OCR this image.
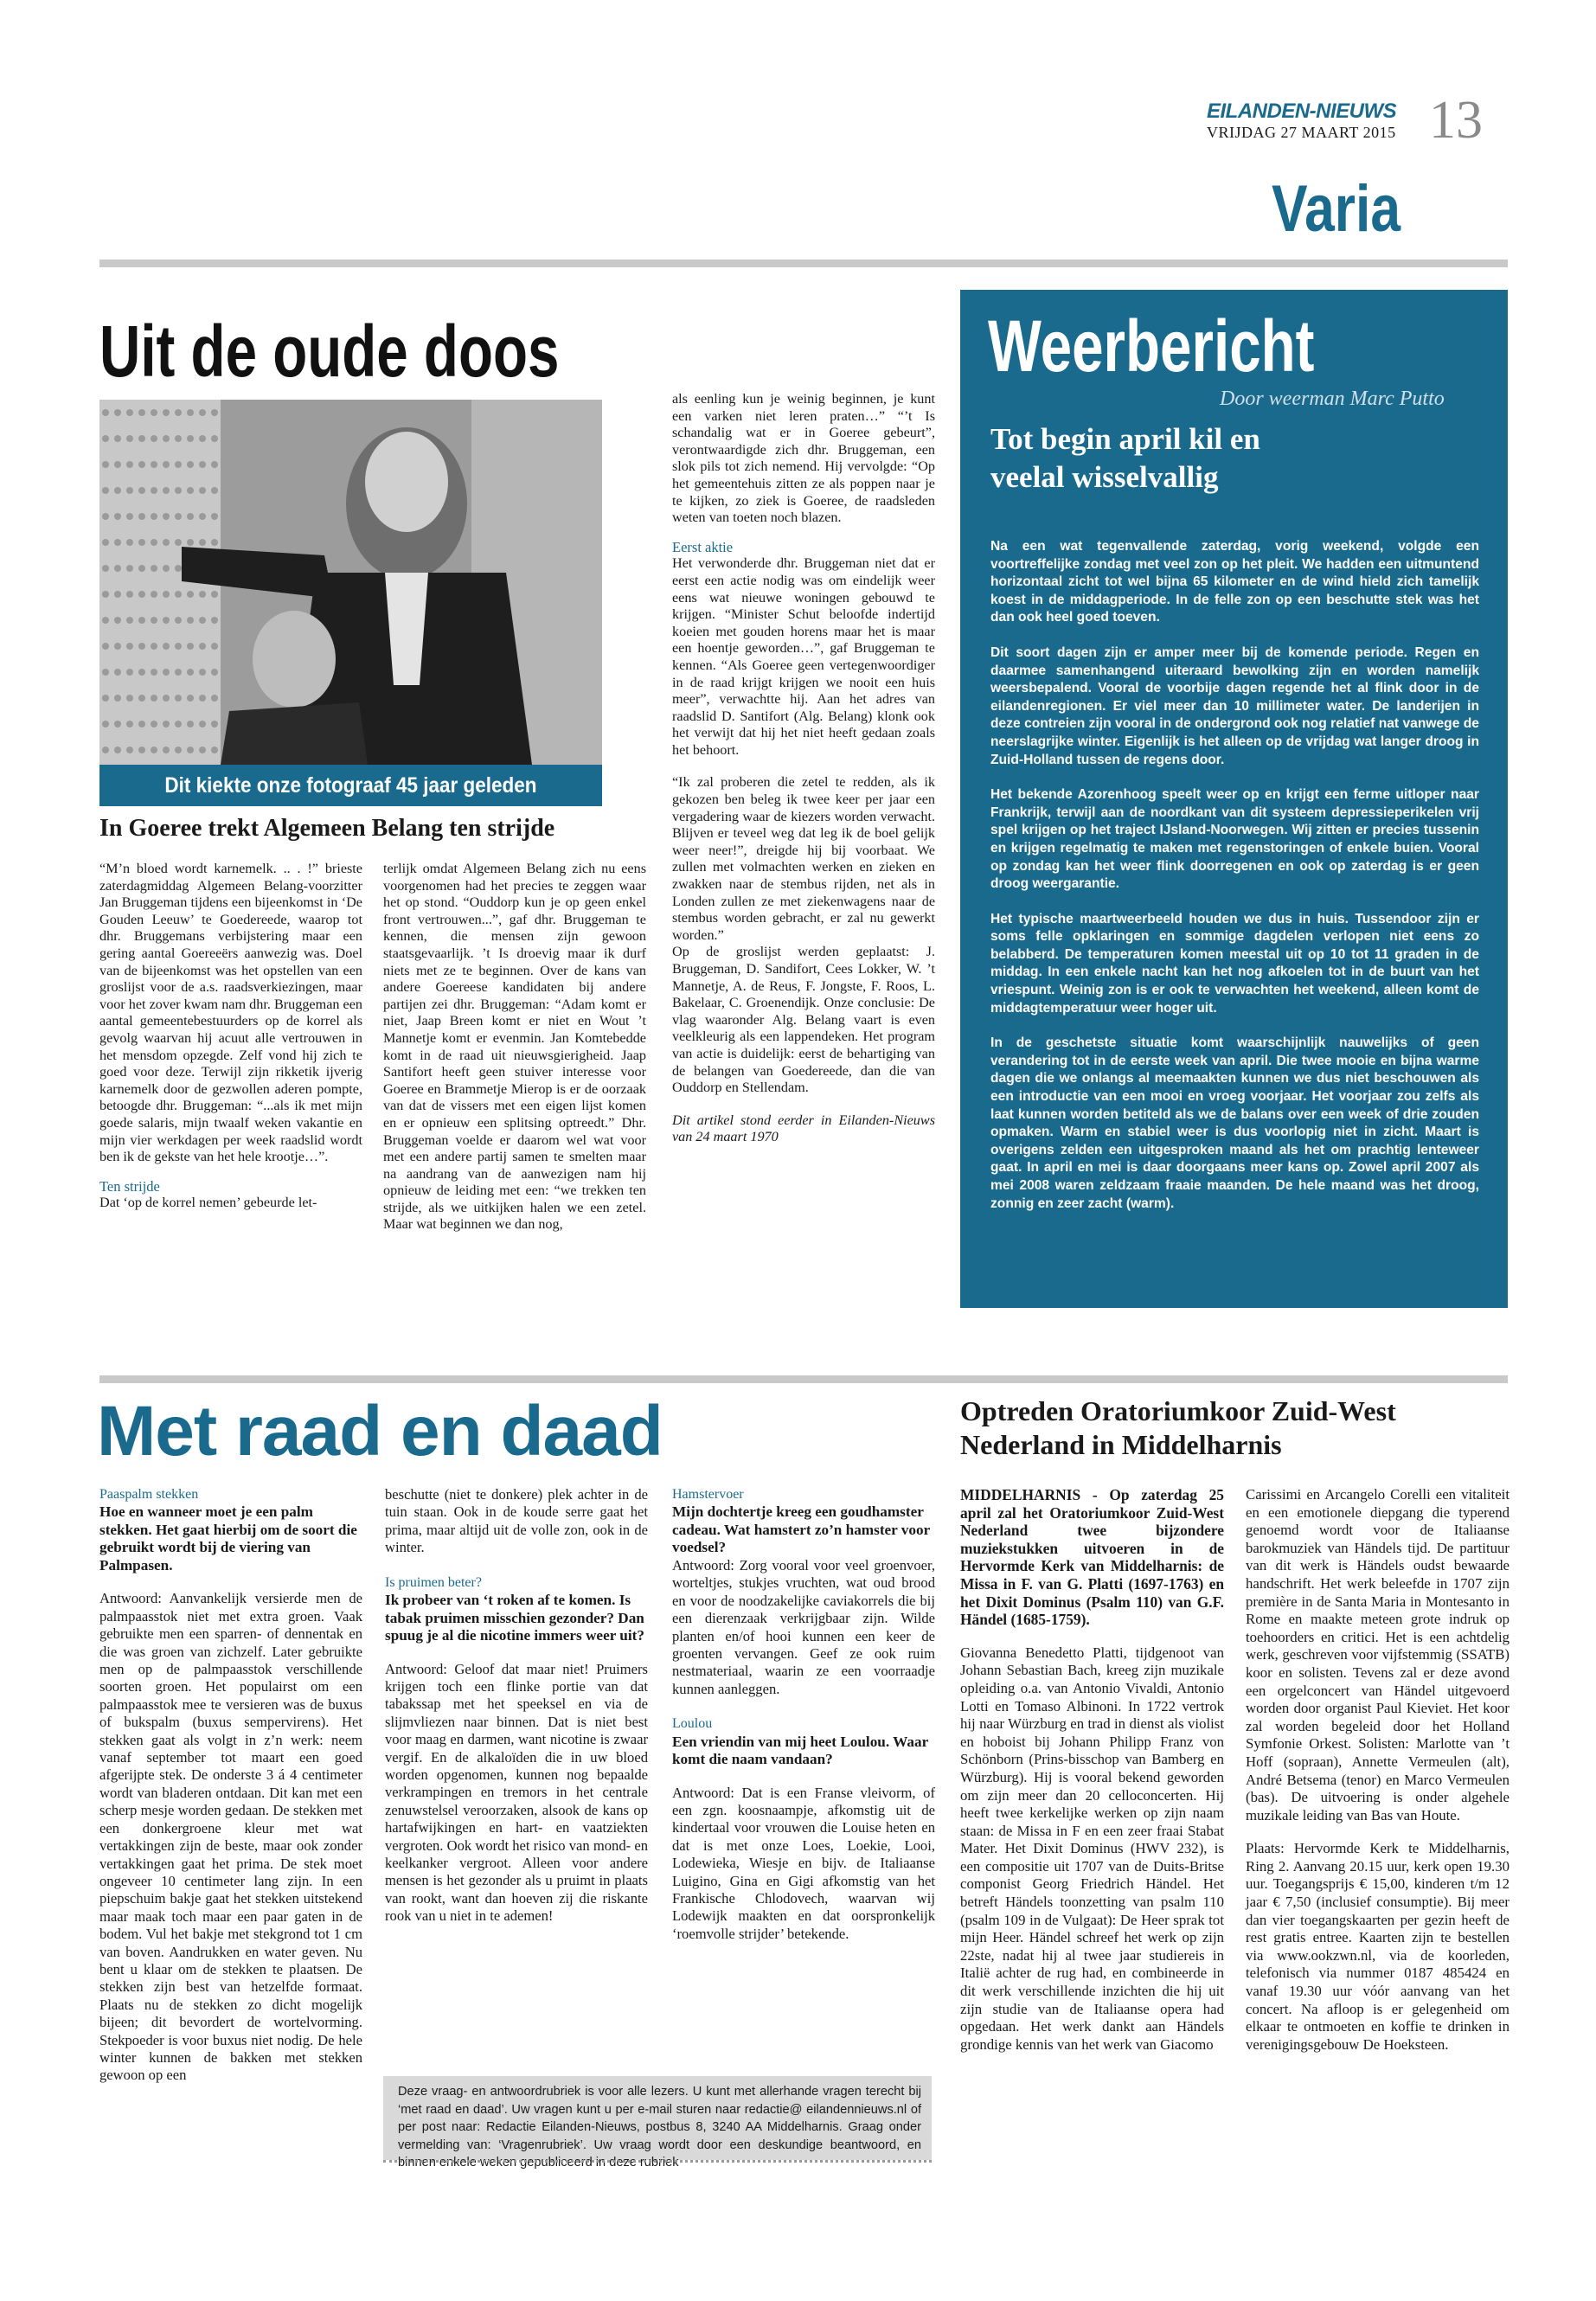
EILANDEN-NIEUWS
VRIJDAG 27 MAART 2015 13
Varia
Uit de oude doos
Dit kiekte onze fotograaf 45 jaar geleden
In Goeree trekt Algemeen Belang ten strijde

“M’n bloed wordt karnemelk. .. . !” brieste zaterdagmiddag Algemeen Belang-voorzitter Jan Bruggeman tijdens een bijeenkomst in ‘De Gouden Leeuw’ te Goedereede, waarop tot dhr. Bruggemans verbijstering maar een gering aantal Goereeërs aanwezig was. Doel van de bijeenkomst was het opstellen van een groslijst voor de a.s. raadsverkiezingen, maar voor het zover kwam nam dhr. Bruggeman een aantal gemeentebestuurders op de korrel als gevolg waarvan hij acuut alle vertrouwen in het mensdom opzegde. Zelf vond hij zich te goed voor deze. Terwijl zijn rikketik ijverig karnemelk door de gezwollen aderen pompte, betoogde dhr. Bruggeman: “...als ik met mijn goede salaris, mijn twaalf weken vakantie en mijn vier werkdagen per week raadslid wordt ben ik de gekste van het hele krootje…”.

Ten strijde

Dat ‘op de korrel nemen’ gebeurde let-

terlijk omdat Algemeen Belang zich nu eens voorgenomen had het precies te zeggen waar het op stond. “Ouddorp kun je op geen enkel front vertrouwen...”, gaf dhr. Bruggeman te kennen, die mensen zijn gewoon staatsgevaarlijk. ’t Is droevig maar ik durf niets met ze te beginnen. Over de kans van andere Goereese kandidaten bij andere partijen zei dhr. Bruggeman: “Adam komt er niet, Jaap Breen komt er niet en Wout ’t Mannetje komt er evenmin. Jan Komtebedde komt in de raad uit nieuwsgierigheid. Jaap Santifort heeft geen stuiver interesse voor Goeree en Brammetje Mierop is er de oorzaak van dat de vissers met een eigen lijst komen en er opnieuw een splitsing optreedt.” Dhr. Bruggeman voelde er daarom wel wat voor met een andere partij samen te smelten maar na aandrang van de aanwezigen nam hij opnieuw de leiding met een: “we trekken ten strijde, als we uitkijken halen we een zetel. Maar wat beginnen we dan nog,

als eenling kun je weinig beginnen, je kunt een varken niet leren praten…” “’t Is schandalig wat er in Goeree gebeurt”, verontwaardigde zich dhr. Bruggeman, een slok pils tot zich nemend. Hij vervolgde: “Op het gemeentehuis zitten ze als poppen naar je te kijken, zo ziek is Goeree, de raadsleden weten van toeten noch blazen.

Eerst aktie

Het verwonderde dhr. Bruggeman niet dat er eerst een actie nodig was om eindelijk weer eens wat nieuwe woningen gebouwd te krijgen. “Minister Schut beloofde indertijd koeien met gouden horens maar het is maar een hoentje geworden…”, gaf Bruggeman te kennen. “Als Goeree geen vertegenwoordiger in de raad krijgt krijgen we nooit een huis meer”, verwachtte hij. Aan het adres van raadslid D. Santifort (Alg. Belang) klonk ook het verwijt dat hij het niet heeft gedaan zoals het behoort.

“Ik zal proberen die zetel te redden, als ik gekozen ben beleg ik twee keer per jaar een vergadering waar de kiezers worden verwacht. Blijven er teveel weg dat leg ik de boel gelijk weer neer!”, dreigde hij bij voorbaat. We zullen met volmachten werken en zieken en zwakken naar de stembus rijden, net als in Londen zullen ze met ziekenwagens naar de stembus worden gebracht, er zal nu gewerkt worden.”

Op de groslijst werden geplaatst: J. Bruggeman, D. Sandifort, Cees Lokker, W. ’t Mannetje, A. de Reus, F. Jongste, F. Roos, L. Bakelaar, C. Groenendijk. Onze conclusie: De vlag waaronder Alg. Belang vaart is even veelkleurig als een lappendeken. Het program van actie is duidelijk: eerst de behartiging van de belangen van Goedereede, dan die van Ouddorp en Stellendam.

Dit artikel stond eerder in Eilanden-Nieuws van 24 maart 1970

Weerbericht
Door weerman Marc Putto
Tot begin april kil en veelal wisselvallig

Na een wat tegenvallende zaterdag, vorig weekend, volgde een voortreffelijke zondag met veel zon op het pleit. We hadden een uitmuntend horizontaal zicht tot wel bijna 65 kilometer en de wind hield zich tamelijk koest in de middagperiode. In de felle zon op een beschutte stek was het dan ook heel goed toeven.

Dit soort dagen zijn er amper meer bij de komende periode. Regen en daarmee samenhangend uiteraard bewolking zijn en worden namelijk weersbepalend. Vooral de voorbije dagen regende het al flink door in de eilandenregionen. Er viel meer dan 10 millimeter water. De landerijen in deze contreien zijn vooral in de ondergrond ook nog relatief nat vanwege de neerslagrijke winter. Eigenlijk is het alleen op de vrijdag wat langer droog in Zuid-Holland tussen de regens door.

Het bekende Azorenhoog speelt weer op en krijgt een ferme uitloper naar Frankrijk, terwijl aan de noordkant van dit systeem depressieperikelen vrij spel krijgen op het traject IJsland-Noorwegen. Wij zitten er precies tussenin en krijgen regelmatig te maken met regenstoringen of enkele buien. Vooral op zondag kan het weer flink doorregenen en ook op zaterdag is er geen droog weergarantie.

Het typische maartweerbeeld houden we dus in huis. Tussendoor zijn er soms felle opklaringen en sommige dagdelen verlopen niet eens zo belabberd. De temperaturen komen meestal uit op 10 tot 11 graden in de middag. In een enkele nacht kan het nog afkoelen tot in de buurt van het vriespunt. Weinig zon is er ook te verwachten het weekend, alleen komt de middagtemperatuur weer hoger uit.

In de geschetste situatie komt waarschijnlijk nauwelijks of geen verandering tot in de eerste week van april. Die twee mooie en bijna warme dagen die we onlangs al meemaakten kunnen we dus niet beschouwen als een introductie van een mooi en vroeg voorjaar. Het voorjaar zou zelfs als laat kunnen worden betiteld als we de balans over een week of drie zouden opmaken. Warm en stabiel weer is dus voorlopig niet in zicht. Maart is overigens zelden een uitgesproken maand als het om prachtig lenteweer gaat. In april en mei is daar doorgaans meer kans op. Zowel april 2007 als mei 2008 waren zeldzaam fraaie maanden. De hele maand was het droog, zonnig en zeer zacht (warm).

Met raad en daad
Paaspalm stekken
Hoe en wanneer moet je een palm stekken. Het gaat hierbij om de soort die gebruikt wordt bij de viering van Palmpasen.

Antwoord: Aanvankelijk versierde men de palmpaasstok niet met extra groen. Vaak gebruikte men een sparren- of dennentak en die was groen van zichzelf. Later gebruikte men op de palmpaasstok verschillende soorten groen. Het populairst om een palmpaasstok mee te versieren was de buxus of bukspalm (buxus sempervirens). Het stekken gaat als volgt in z’n werk: neem vanaf september tot maart een goed afgerijpte stek. De onderste 3 á 4 centimeter wordt van bladeren ontdaan. Dit kan met een scherp mesje worden gedaan. De stekken met een donkergroene kleur met wat vertakkingen zijn de beste, maar ook zonder vertakkingen gaat het prima. De stek moet ongeveer 10 centimeter lang zijn. In een piepschuim bakje gaat het stekken uitstekend maar maak toch maar een paar gaten in de bodem. Vul het bakje met stekgrond tot 1 cm van boven. Aandrukken en water geven. Nu bent u klaar om de stekken te plaatsen. De stekken zijn best van hetzelfde formaat. Plaats nu de stekken zo dicht mogelijk bijeen; dit bevordert de wortelvorming. Stekpoeder is voor buxus niet nodig. De hele winter kunnen de bakken met stekken gewoon op een

beschutte (niet te donkere) plek achter in de tuin staan. Ook in de koude serre gaat het prima, maar altijd uit de volle zon, ook in de winter.

Is pruimen beter?
Ik probeer van ‘t roken af te komen. Is tabak pruimen misschien gezonder? Dan spuug je al die nicotine immers weer uit?

Antwoord: Geloof dat maar niet! Pruimers krijgen toch een flinke portie van dat tabakssap met het speeksel en via de slijmvliezen naar binnen. Dat is niet best voor maag en darmen, want nicotine is zwaar vergif. En de alkaloïden die in uw bloed worden opgenomen, kunnen nog bepaalde verkrampingen en tremors in het centrale zenuwstelsel veroorzaken, alsook de kans op hartafwijkingen en hart- en vaatziekten vergroten. Ook wordt het risico van mond- en keelkanker vergroot. Alleen voor andere mensen is het gezonder als u pruimt in plaats van rookt, want dan hoeven zij die riskante rook van u niet in te ademen!

Hamstervoer
Mijn dochtertje kreeg een goudhamster cadeau. Wat hamstert zo’n hamster voor voedsel?

Antwoord: Zorg vooral voor veel groenvoer, worteltjes, stukjes vruchten, wat oud brood en voor de noodzakelijke caviakorrels die bij een dierenzaak verkrijgbaar zijn. Wilde planten en/of hooi kunnen een keer de groenten vervangen. Geef ze ook ruim nestmateriaal, waarin ze een voorraadje kunnen aanleggen.

Loulou
Een vriendin van mij heet Loulou. Waar komt die naam vandaan?

Antwoord: Dat is een Franse vleivorm, of een zgn. koosnaampje, afkomstig uit de kindertaal voor vrouwen die Louise heten en dat is met onze Loes, Loekie, Looi, Lodewieka, Wiesje en bijv. de Italiaanse Luigino, Gina en Gigi afkomstig van het Frankische Chlodovech, waarvan wij Lodewijk maakten en dat oorspronkelijk ‘roemvolle strijder’ betekende.

Deze vraag- en antwoordrubriek is voor alle lezers. U kunt met allerhande vragen terecht bij ‘met raad en daad’. Uw vragen kunt u per e-mail sturen naar redactie@ eilandennieuws.nl of per post naar: Redactie Eilanden-Nieuws, postbus 8, 3240 AA Middelharnis. Graag onder vermelding van: ‘Vragenrubriek’. Uw vraag wordt door een deskundige beantwoord, en binnen enkele weken gepubliceerd in deze rubriek
Optreden Oratoriumkoor Zuid-West Nederland in Middelharnis

MIDDELHARNIS - Op zaterdag 25 april zal het Oratoriumkoor Zuid-West Nederland twee bijzondere muziekstukken uitvoeren in de Hervormde Kerk van Middelharnis: de Missa in F. van G. Platti (1697-1763) en het Dixit Dominus (Psalm 110) van G.F. Händel (1685-1759).

Giovanna Benedetto Platti, tijdgenoot van Johann Sebastian Bach, kreeg zijn muzikale opleiding o.a. van Antonio Vivaldi, Antonio Lotti en Tomaso Albinoni. In 1722 vertrok hij naar Würzburg en trad in dienst als violist en hoboist bij Johann Philipp Franz von Schönborn (Prins-bisschop van Bamberg en Würzburg). Hij is vooral bekend geworden om zijn meer dan 20 celloconcerten. Hij heeft twee kerkelijke werken op zijn naam staan: de Missa in F en een zeer fraai Stabat Mater. Het Dixit Dominus (HWV 232), is een compositie uit 1707 van de Duits-Britse componist Georg Friedrich Händel. Het betreft Händels toonzetting van psalm 110 (psalm 109 in de Vulgaat): De Heer sprak tot mijn Heer. Händel schreef het werk op zijn 22ste, nadat hij al twee jaar studiereis in Italië achter de rug had, en combineerde in dit werk verschillende inzichten die hij uit zijn studie van de Italiaanse opera had opgedaan. Het werk dankt aan Händels grondige kennis van het werk van Giacomo

Carissimi en Arcangelo Corelli een vitaliteit en een emotionele diepgang die typerend genoemd wordt voor de Italiaanse barokmuziek van Händels tijd. De partituur van dit werk is Händels oudst bewaarde handschrift. Het werk beleefde in 1707 zijn première in de Santa Maria in Montesanto in Rome en maakte meteen grote indruk op toehoorders en critici. Het is een achtdelig werk, geschreven voor vijfstemmig (SSATB) koor en solisten. Tevens zal er deze avond een orgelconcert van Händel uitgevoerd worden door organist Paul Kieviet. Het koor zal worden begeleid door het Holland Symfonie Orkest. Solisten: Marlotte van ’t Hoff (sopraan), Annette Vermeulen (alt), André Betsema (tenor) en Marco Vermeulen (bas). De uitvoering is onder algehele muzikale leiding van Bas van Houte.

Plaats: Hervormde Kerk te Middelharnis, Ring 2. Aanvang 20.15 uur, kerk open 19.30 uur. Toegangsprijs € 15,00, kinderen t/m 12 jaar € 7,50 (inclusief consumptie). Bij meer dan vier toegangskaarten per gezin heeft de rest gratis entree. Kaarten zijn te bestellen via www.ookzwn.nl, via de koorleden, telefonisch via nummer 0187 485424 en vanaf 19.30 uur vóór aanvang van het concert. Na afloop is er gelegenheid om elkaar te ontmoeten en koffie te drinken in verenigingsgebouw De Hoeksteen.
